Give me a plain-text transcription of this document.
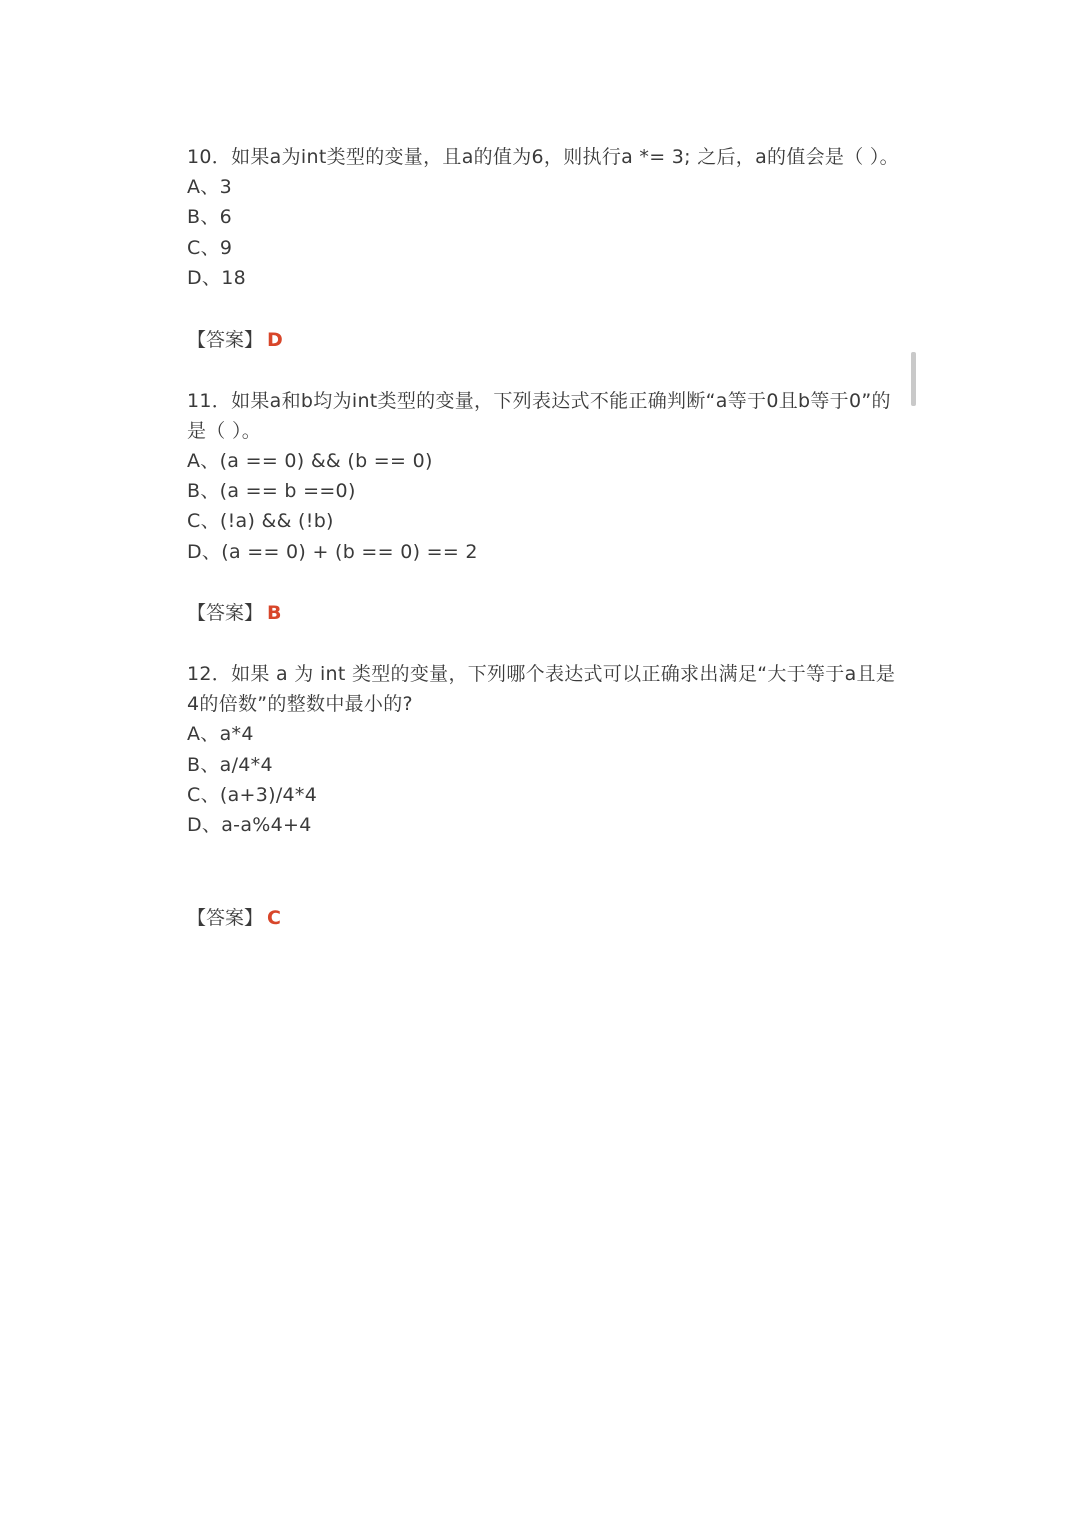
10．如果a为int类型的变量，且a的值为6，则执行a *= 3; 之后，a的值会是（ ）。

A、3

B、6

C、9

D、18

【答案】 D

11．如果a和b均为int类型的变量，下列表达式不能正确判断“a等于0且b等于0”的是（ ）。

A、(a == 0) && (b == 0)

B、(a == b ==0)

C、(!a) && (!b)

D、(a == 0) + (b == 0) == 2

【答案】 B

12．如果 a 为 int 类型的变量，下列哪个表达式可以正确求出满足“大于等于a且是4的倍数”的整数中最小的?

A、a*4

B、a/4*4

C、(a+3)/4*4

D、a-a%4+4

【答案】 C
